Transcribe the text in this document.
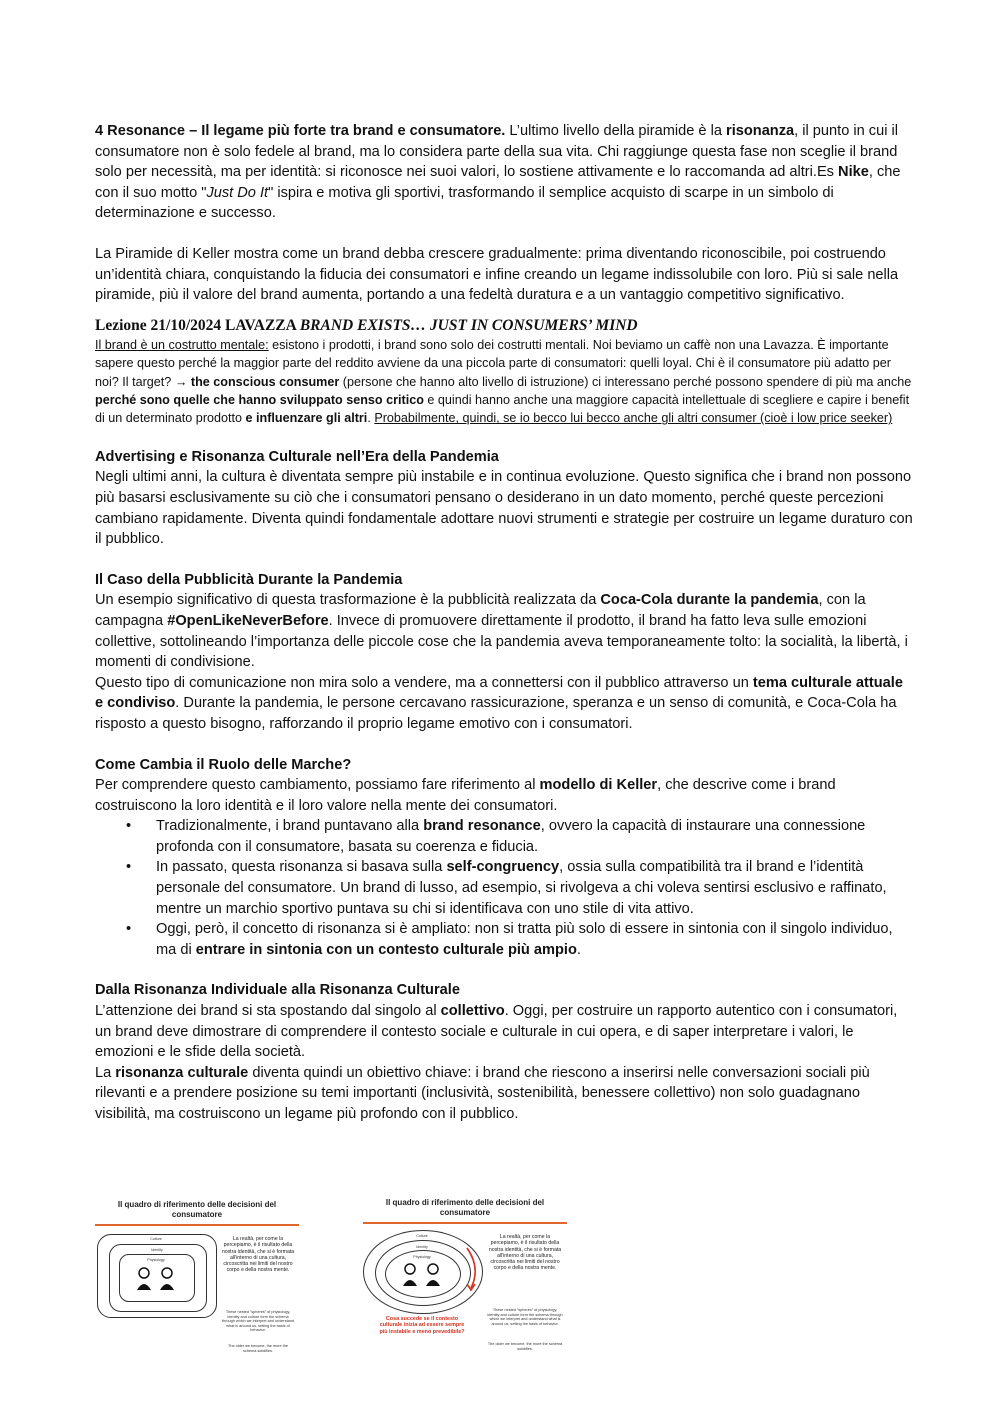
4 Resonance – Il legame più forte tra brand e consumatore. L’ultimo livello della piramide è la risonanza, il punto in cui il consumatore non è solo fedele al brand, ma lo considera parte della sua vita. Chi raggiunge questa fase non sceglie il brand solo per necessità, ma per identità: si riconosce nei suoi valori, lo sostiene attivamente e lo raccomanda ad altri.Es Nike, che con il suo motto "Just Do It" ispira e motiva gli sportivi, trasformando il semplice acquisto di scarpe in un simbolo di determinazione e successo.

La Piramide di Keller mostra come un brand debba crescere gradualmente: prima diventando riconoscibile, poi costruendo un’identità chiara, conquistando la fiducia dei consumatori e infine creando un legame indissolubile con loro. Più si sale nella piramide, più il valore del brand aumenta, portando a una fedeltà duratura e a un vantaggio competitivo significativo.

Lezione 21/10/2024 LAVAZZA BRAND EXISTS… JUST IN CONSUMERS’ MIND

Il brand è un costrutto mentale: esistono i prodotti, i brand sono solo dei costrutti mentali. Noi beviamo un caffè non una Lavazza. È importante sapere questo perché la maggior parte del reddito avviene da una piccola parte di consumatori: quelli loyal. Chi è il consumatore più adatto per noi? Il target? → the conscious consumer (persone che hanno alto livello di istruzione) ci interessano perché possono spendere di più ma anche perché sono quelle che hanno sviluppato senso critico e quindi hanno anche una maggiore capacità intellettuale di scegliere e capire i benefit di un determinato prodotto e influenzare gli altri. Probabilmente, quindi, se io becco lui becco anche gli altri consumer (cioè i low price seeker)

Advertising e Risonanza Culturale nell’Era della Pandemia

Negli ultimi anni, la cultura è diventata sempre più instabile e in continua evoluzione. Questo significa che i brand non possono più basarsi esclusivamente su ciò che i consumatori pensano o desiderano in un dato momento, perché queste percezioni cambiano rapidamente. Diventa quindi fondamentale adottare nuovi strumenti e strategie per costruire un legame duraturo con il pubblico.

Il Caso della Pubblicità Durante la Pandemia

Un esempio significativo di questa trasformazione è la pubblicità realizzata da Coca-Cola durante la pandemia, con la campagna #OpenLikeNeverBefore. Invece di promuovere direttamente il prodotto, il brand ha fatto leva sulle emozioni collettive, sottolineando l’importanza delle piccole cose che la pandemia aveva temporaneamente tolto: la socialità, la libertà, i momenti di condivisione.

Questo tipo di comunicazione non mira solo a vendere, ma a connettersi con il pubblico attraverso un tema culturale attuale e condiviso. Durante la pandemia, le persone cercavano rassicurazione, speranza e un senso di comunità, e Coca-Cola ha risposto a questo bisogno, rafforzando il proprio legame emotivo con i consumatori.

Come Cambia il Ruolo delle Marche?

Per comprendere questo cambiamento, possiamo fare riferimento al modello di Keller, che descrive come i brand costruiscono la loro identità e il loro valore nella mente dei consumatori.

• Tradizionalmente, i brand puntavano alla brand resonance, ovvero la capacità di instaurare una connessione profonda con il consumatore, basata su coerenza e fiducia.
• In passato, questa risonanza si basava sulla self-congruency, ossia sulla compatibilità tra il brand e l’identità personale del consumatore. Un brand di lusso, ad esempio, si rivolgeva a chi voleva sentirsi esclusivo e raffinato, mentre un marchio sportivo puntava su chi si identificava con uno stile di vita attivo.
• Oggi, però, il concetto di risonanza si è ampliato: non si tratta più solo di essere in sintonia con il singolo individuo, ma di entrare in sintonia con un contesto culturale più ampio.
Dalla Risonanza Individuale alla Risonanza Culturale

L’attenzione dei brand si sta spostando dal singolo al collettivo. Oggi, per costruire un rapporto autentico con i consumatori, un brand deve dimostrare di comprendere il contesto sociale e culturale in cui opera, e di saper interpretare i valori, le emozioni e le sfide della società.

La risonanza culturale diventa quindi un obiettivo chiave: i brand che riescono a inserirsi nelle conversazioni sociali più rilevanti e a prendere posizione su temi importanti (inclusività, sostenibilità, benessere collettivo) non solo guadagnano visibilità, ma costruiscono un legame più profondo con il pubblico.

Il quadro di riferimento delle decisioni del consumatore
Culture
Identity
Physiology
La realtà, per come la percepiamo, è il risultato della nostra identità, che si è formata all'interno di una cultura, circoscritta nei limiti del nostro corpo e della nostra mente.
These nested "spheres" of physiology, identity and culture form the schema through which we interpret and understand what is around us, setting the basis of behavior.
The older we become, the more the schema solidifies.
Il quadro di riferimento delle decisioni del consumatore
Culture
Identity
Physiology
Cosa succede se il contesto culturale inizia ad essere sempre più instabile e meno prevedibile?
La realtà, per come la percepiamo, è il risultato della nostra identità, che si è formata all'interno di una cultura, circoscritta nei limiti del nostro corpo e della nostra mente.
These nested "spheres" of physiology, identity and culture form the schema through which we interpret and understand what is around us, setting the basis of behavior.
The older we become, the more the schema solidifies.
